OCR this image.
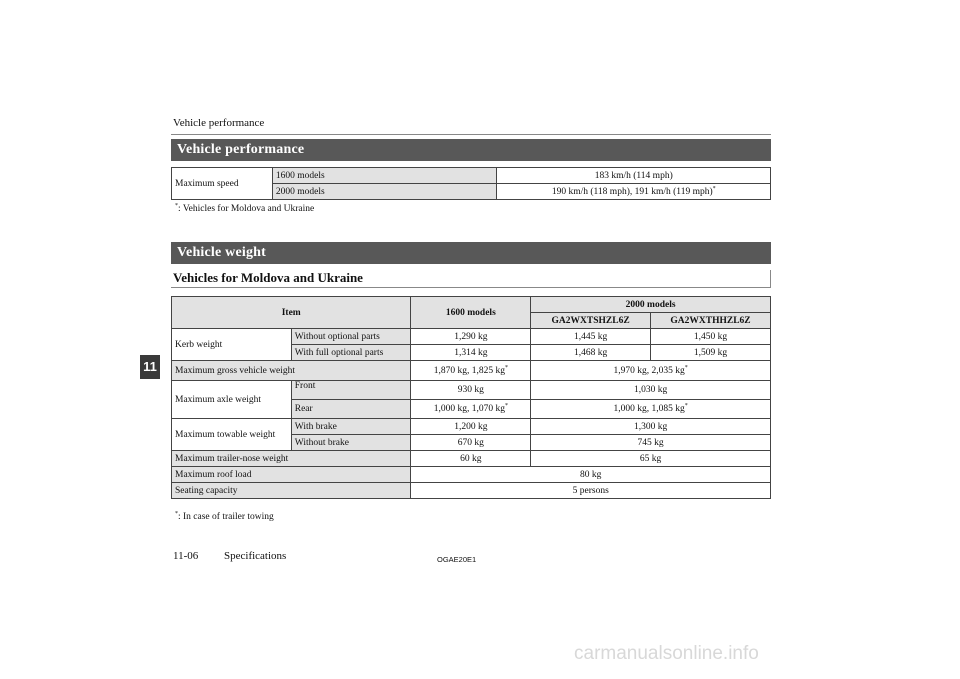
Vehicle performance
Vehicle performance
Maximum speed	1600 models	183 km/h (114 mph)
	2000 models	190 km/h (118 mph), 191 km/h (119 mph)*
*: Vehicles for Moldova and Ukraine
Vehicle weight
Vehicles for Moldova and Ukraine
Item		1600 models	2000 models	
			GA2WXTSHZL6Z	GA2WXTHHZL6Z
Kerb weight	Without optional parts	1,290 kg	1,445 kg	1,450 kg
	With full optional parts	1,314 kg	1,468 kg	1,509 kg
Maximum gross vehicle weight		1,870 kg, 1,825 kg*	1,970 kg, 2,035 kg*
Maximum axle weight	Front	930 kg	1,030 kg	
	Rear	1,000 kg, 1,070 kg*	1,000 kg, 1,085 kg*
Maximum towable weight	With brake	1,200 kg	1,300 kg	
	Without brake	670 kg	745 kg	
Maximum trailer-nose weight		60 kg	65 kg	
Maximum roof load		80 kg		
Seating capacity		5 persons		
*: In case of trailer towing
11
11-06 Specifications	OGAE20E1
carmanualsonline.info
